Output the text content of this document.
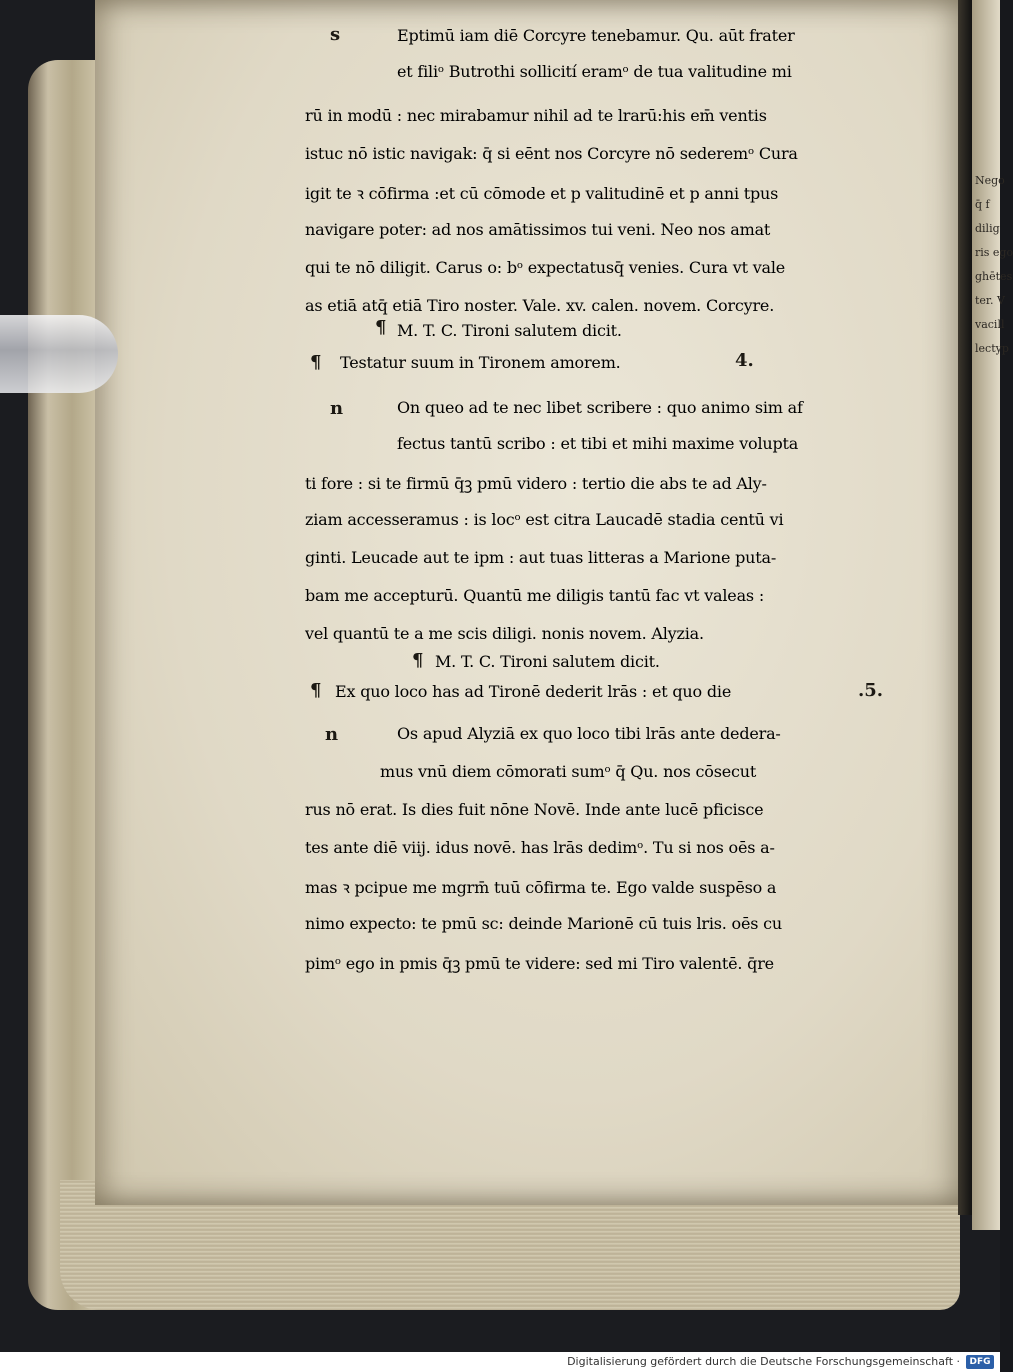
Nego
q̄ f
dilig
ris ego
ghētes
ter. V
vacill
lectyp
s
n
n
4.
.5.
¶
¶
¶
¶
Eptimū iam diē Corcyre tenebamur. Qu. aūt frater
et filiᵒ Butrothi sollicití eramᵒ de tua valitudine mi
rū in modū : nec mirabamur nihil ad te lrarū:his em̄ ventis
istuc nō istic navigak: q̄ si eēnt nos Corcyre nō sederemᵒ Cura
igit te ꝛ cōfirma :et cū cōmode et p valitudinē et p anni tpus
navigare poter: ad nos amātissimos tui veni. Neo nos amat
qui te nō diligit. Carus o: bᵒ expectatusq̄ venies. Cura vt vale
as etiā atq̄ etiā Tiro noster. Vale. xv. calen. novem. Corcyre.
M. T. C. Tironi salutem dicit.
Testatur suum in Tironem amorem.
On queo ad te nec libet scribere : quo animo sim af
fectus tantū scribo : et tibi et mihi maxime volupta
ti fore : si te firmū q̄ꝫ pmū videro : tertio die abs te ad Aly-
ziam accesseramus : is locᵒ est citra Laucadē stadia centū vi
ginti. Leucade aut te ipm : aut tuas litteras a Marione puta-
bam me accepturū. Quantū me diligis tantū fac vt valeas :
vel quantū te a me scis diligi. nonis novem. Alyzia.
M. T. C. Tironi salutem dicit.
Ex quo loco has ad Tironē dederit lrās : et quo die
Os apud Alyziā ex quo loco tibi lrās ante dedera-
mus vnū diem cōmorati sumᵒ q̄ Qu. nos cōsecut
rus nō erat. Is dies fuit nōne Novē. Inde ante lucē pficisce
tes ante diē viij. idus novē. has lrās dedimᵒ. Tu si nos oēs a-
mas ꝛ pcipue me mgrm̄ tuū cōfirma te. Ego valde suspēso a
nimo expecto: te pmū sc: deinde Marionē cū tuis lris. oēs cu
pimᵒ ego in pmis q̄ꝫ pmū te videre: sed mi Tiro valentē. q̄re
Digitalisierung gefördert durch die Deutsche Forschungsgemeinschaft ·	DFG
